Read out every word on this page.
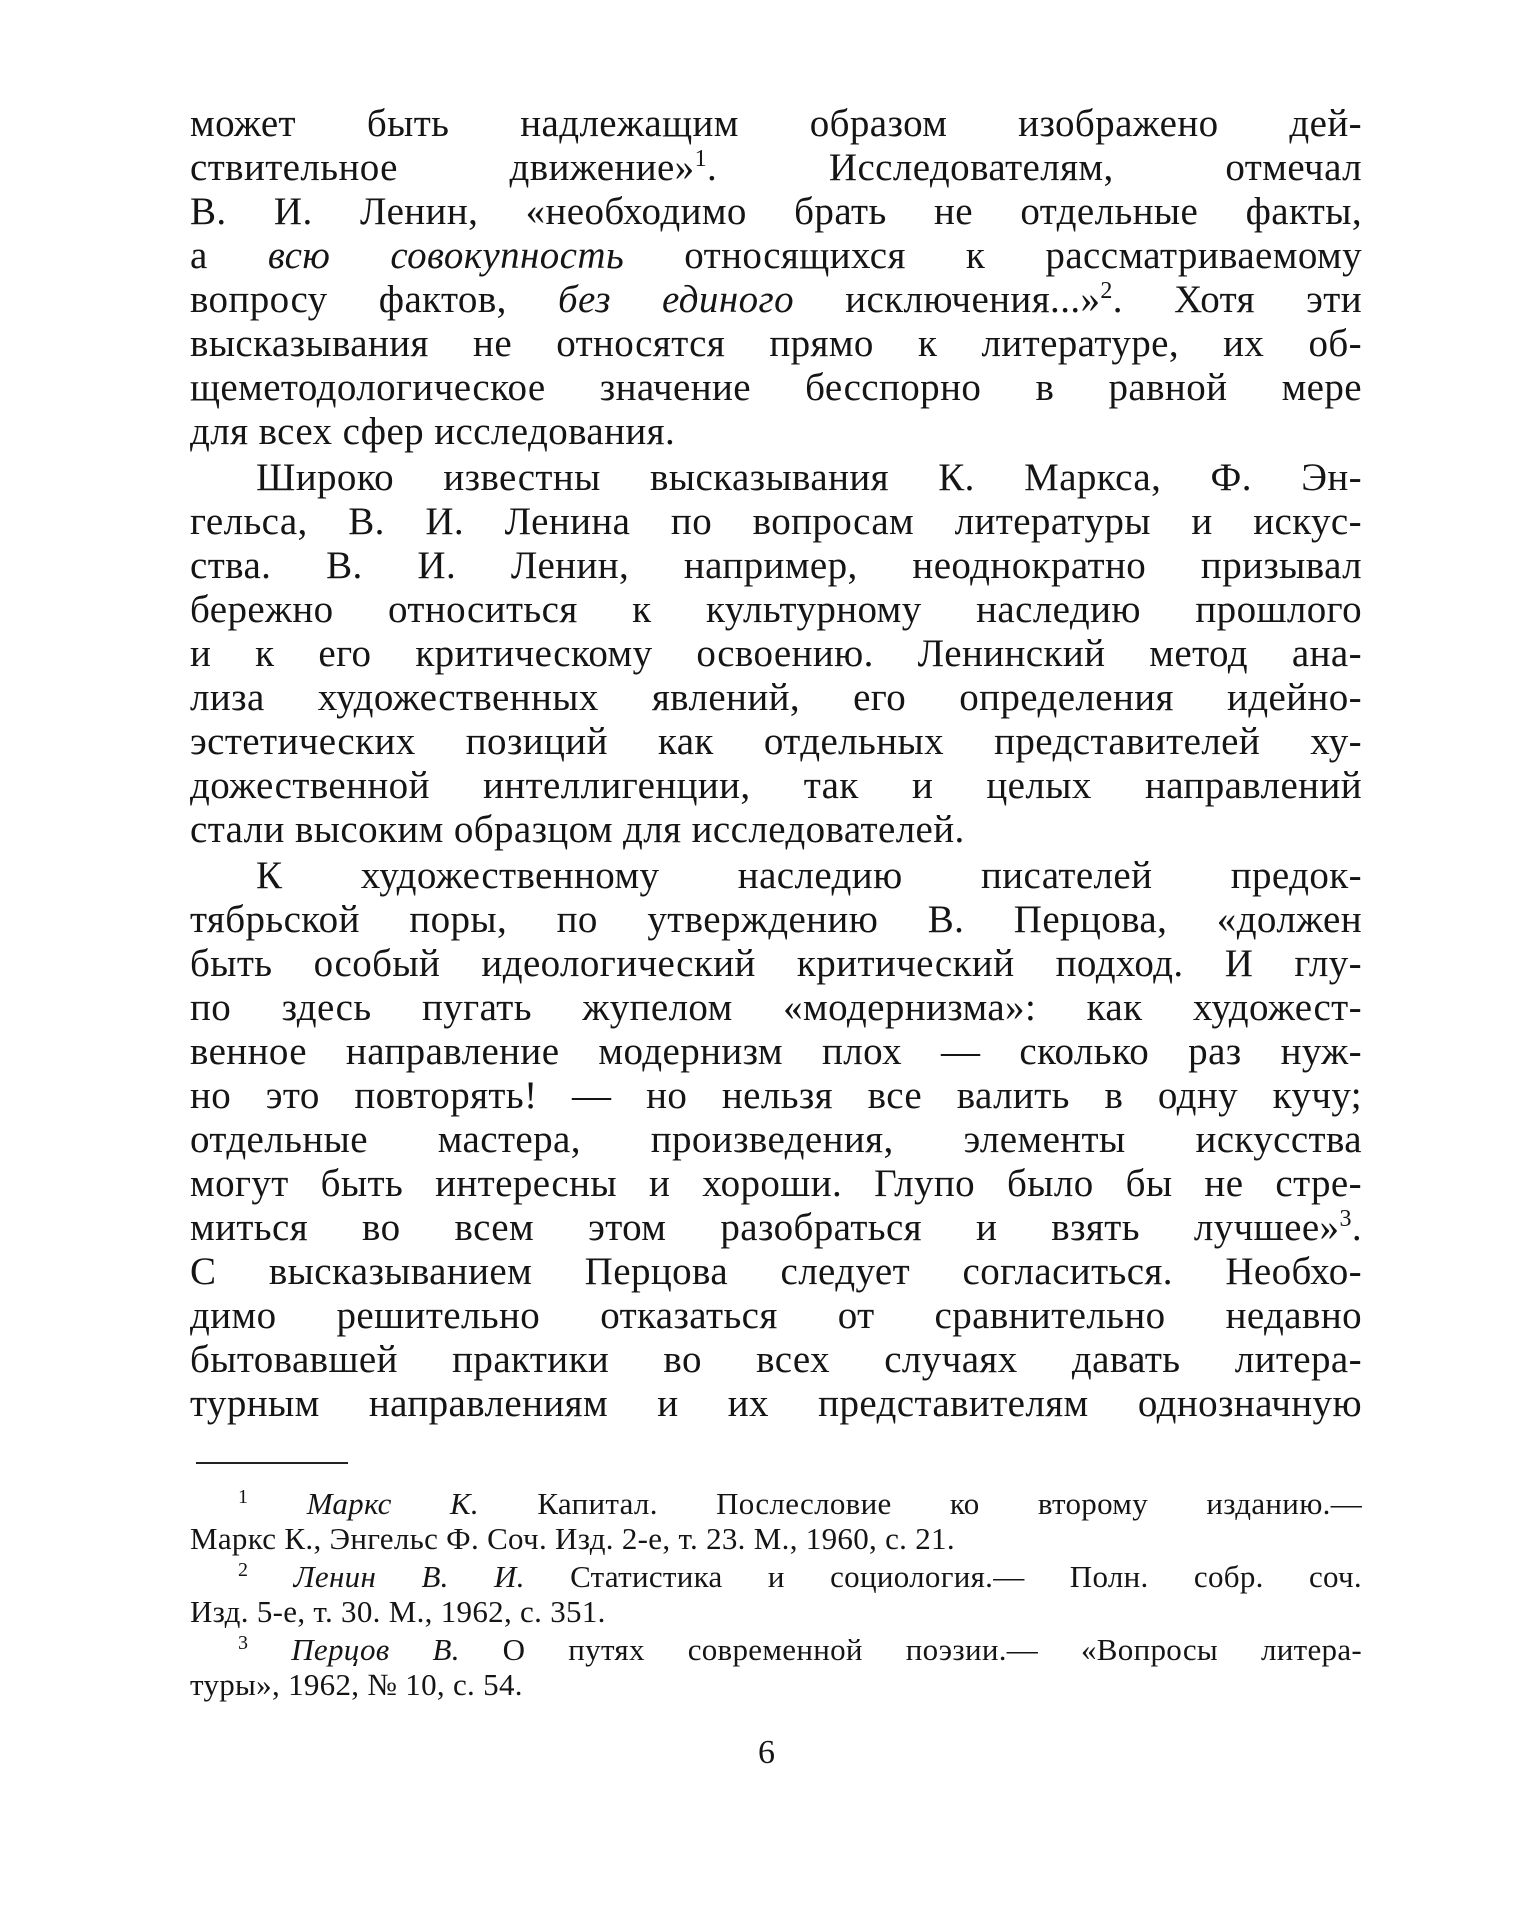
может быть надлежащим образом изображено дей-
ствительное движение»$^1$.	Исследователям, отмечал
В. И. Ленин, «необходимо брать не отдельные факты,
а всю совокупность относящихся к рассматриваемому
вопросу фактов, без единого исключения...»$^2$. Хотя эти
высказывания не относятся прямо к литературе, их об-
щеметодологическое значение бесспорно в равной мере
для всех сфер исследования.
Широко известны высказывания К. Маркса, Ф. Эн-
гельса, В. И. Ленина по вопросам литературы и искус-
ства. В. И. Ленин, например, неоднократно призывал
бережно относиться к культурному наследию прошлого
и к его критическому освоению. Ленинский метод ана-
лиза художественных явлений, его определения идейно-
эстетических позиций как отдельных представителей ху-
дожественной интеллигенции, так и целых направлений
стали высоким образцом для исследователей.
К художественному наследию писателей предок-
тябрьской поры, по утверждению В. Перцова, «должен
быть особый идеологический критический подход. И глу-
по здесь пугать жупелом «модернизма»: как художест-
венное направление модернизм плох — сколько раз нуж-
но это повторять! — но нельзя все валить в одну кучу;
отдельные мастера, произведения, элементы искусства
могут быть интересны и хороши. Глупо было бы не стре-
миться во всем этом разобраться и взять лучшее»$^3$.
С высказыванием Перцова следует согласиться. Необхо-
димо решительно отказаться от сравнительно недавно
бытовавшей практики во всех случаях давать литера-
турным направлениям и их представителям однозначную
$^1$ Маркс К. Капитал. Послесловие ко второму изданию.—
Маркс К., Энгельс Ф. Соч. Изд. 2-е, т. 23. М., 1960, с. 21.
$^2$ Ленин В. И. Статистика и социология.— Полн. собр. соч.
Изд. 5-е, т. 30. М., 1962, с. 351.
$^3$ Перцов В. О путях современной поэзии.— «Вопросы литера-
туры», 1962, № 10, с. 54.
6
